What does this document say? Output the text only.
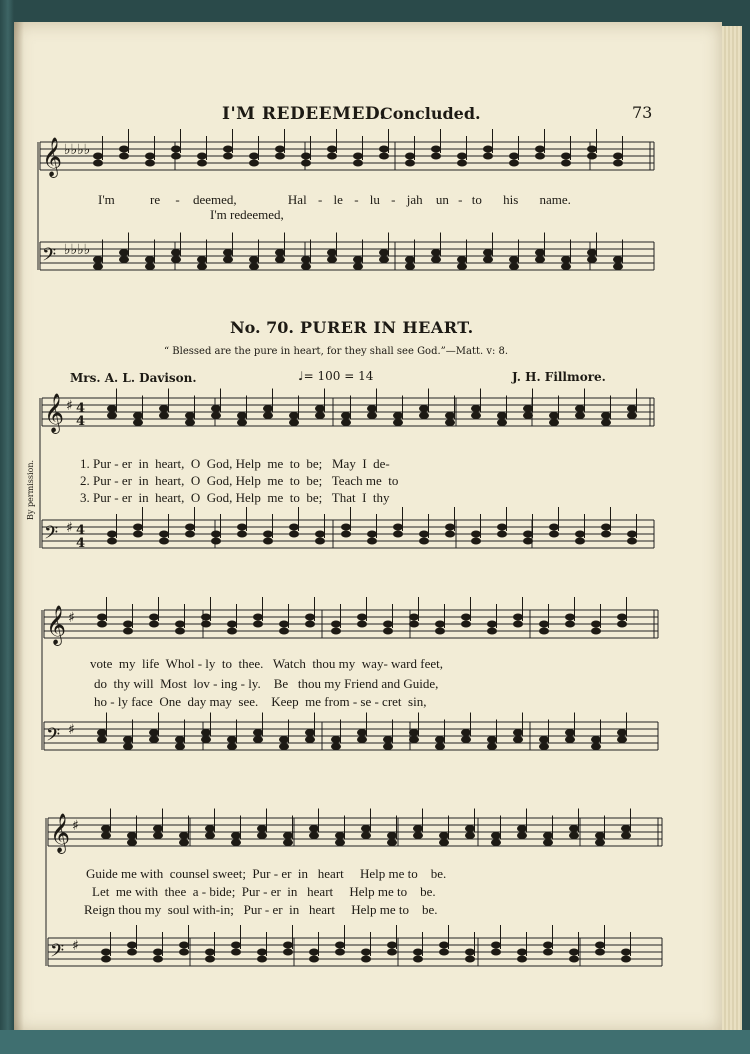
I'M REDEEMED.
Concluded.	73
No. 70. PURER IN HEART.
“ Blessed are the pure in heart, for they shall see God.”—Matt. v: 8.
Mrs. A. L. Davison.	♩= 100 = 14	J. H. Fillmore.
By permission.
I'm	re - deemed,	Hal - le - lu - jah un - to his name.
I'm redeemed,
1. Pur - er  in  heart,  O  God, Help  me  to  be;   May  I  de-
2. Pur - er  in  heart,  O  God, Help  me  to  be;   Teach me  to
3. Pur - er  in  heart,  O  God, Help  me  to  be;   That  I  thy
vote  my  life  Whol - ly  to  thee.   Watch  thou my  way- ward feet,
do  thy will  Most  lov - ing - ly.    Be   thou my Friend and Guide,
ho - ly face  One  day may  see.    Keep  me from - se - cret  sin,
Guide me with  counsel sweet;  Pur - er  in   heart     Help me to    be.
Let  me with  thee  a - bide;  Pur - er  in   heart     Help me to    be.
Reign thou my  soul with-in;   Pur - er  in   heart     Help me to    be.
𝄞 ♭♭♭♭
𝄢 ♭♭♭♭
𝄞 ♯ 4
4
𝄢 ♯ 4
4
𝄞 ♯
𝄢 ♯
𝄞 ♯
𝄢 ♯
